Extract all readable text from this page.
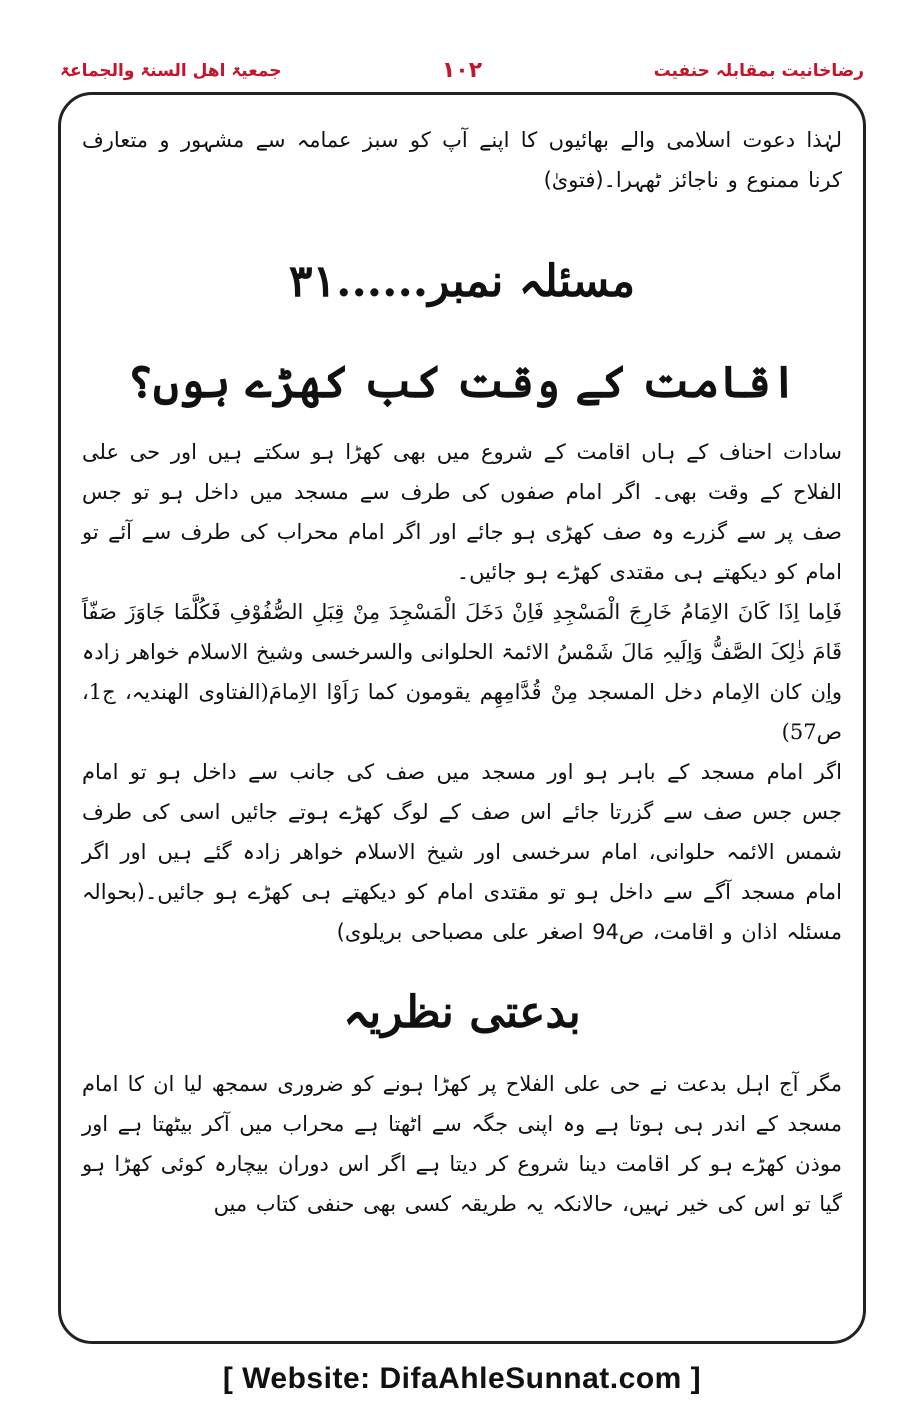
جمعیۃ اھل السنۃ والجماعۃ	۱۰۲	رضاخانیت بمقابلہ حنفیت

لہٰذا دعوت اسلامی والے بھائیوں کا اپنے آپ کو سبز عمامہ سے مشہور و متعارف کرنا ممنوع و ناجائز ٹھہرا۔(فتویٰ)

مسئلہ نمبر......۳۱
اقامت کے وقت کب کھڑے ہوں؟

سادات احناف کے ہاں اقامت کے شروع میں بھی کھڑا ہو سکتے ہیں اور حی علی الفلاح کے وقت بھی۔ اگر امام صفوں کی طرف سے مسجد میں داخل ہو تو جس صف پر سے گزرے وہ صف کھڑی ہو جائے اور اگر امام محراب کی طرف سے آئے تو امام کو دیکھتے ہی مقتدی کھڑے ہو جائیں۔

فَاِما اِذَا کَانَ الاِمَامُ خَارِجَ الْمَسْجِدِ فَاِنْ دَخَلَ الْمَسْجِدَ مِنْ قِبَلِ الصُّفُوْفِ فَکُلَّمَا جَاوَزَ صَفّاً قَامَ ذٰلِکَ الصَّفُّ وَاِلَیہِ مَالَ شَمْسُ الائمۃ الحلوانی والسرخسی وشیخ الاسلام خواھر زادہ واِن کان الاِمام دخل المسجد مِنْ قُدَّامِھِم یقومون کما رَاَوْا الاِمامَ(الفتاوی الھندیہ، ج1، ص57)

اگر امام مسجد کے باہر ہو اور مسجد میں صف کی جانب سے داخل ہو تو امام جس جس صف سے گزرتا جائے اس صف کے لوگ کھڑے ہوتے جائیں اسی کی طرف شمس الائمہ حلوانی، امام سرخسی اور شیخ الاسلام خواھر زادہ گئے ہیں اور اگر امام مسجد آگے سے داخل ہو تو مقتدی امام کو دیکھتے ہی کھڑے ہو جائیں۔(بحوالہ مسئلہ اذان و اقامت، ص94 اصغر علی مصباحی بریلوی)

بدعتی نظریہ

مگر آج اہل بدعت نے حی علی الفلاح پر کھڑا ہونے کو ضروری سمجھ لیا ان کا امام مسجد کے اندر ہی ہوتا ہے وہ اپنی جگہ سے اٹھتا ہے محراب میں آکر بیٹھتا ہے اور موذن کھڑے ہو کر اقامت دینا شروع کر دیتا ہے اگر اس دوران بیچارہ کوئی کھڑا ہو گیا تو اس کی خیر نہیں، حالانکہ یہ طریقہ کسی بھی حنفی کتاب میں

[ Website: DifaAhleSunnat.com ]
